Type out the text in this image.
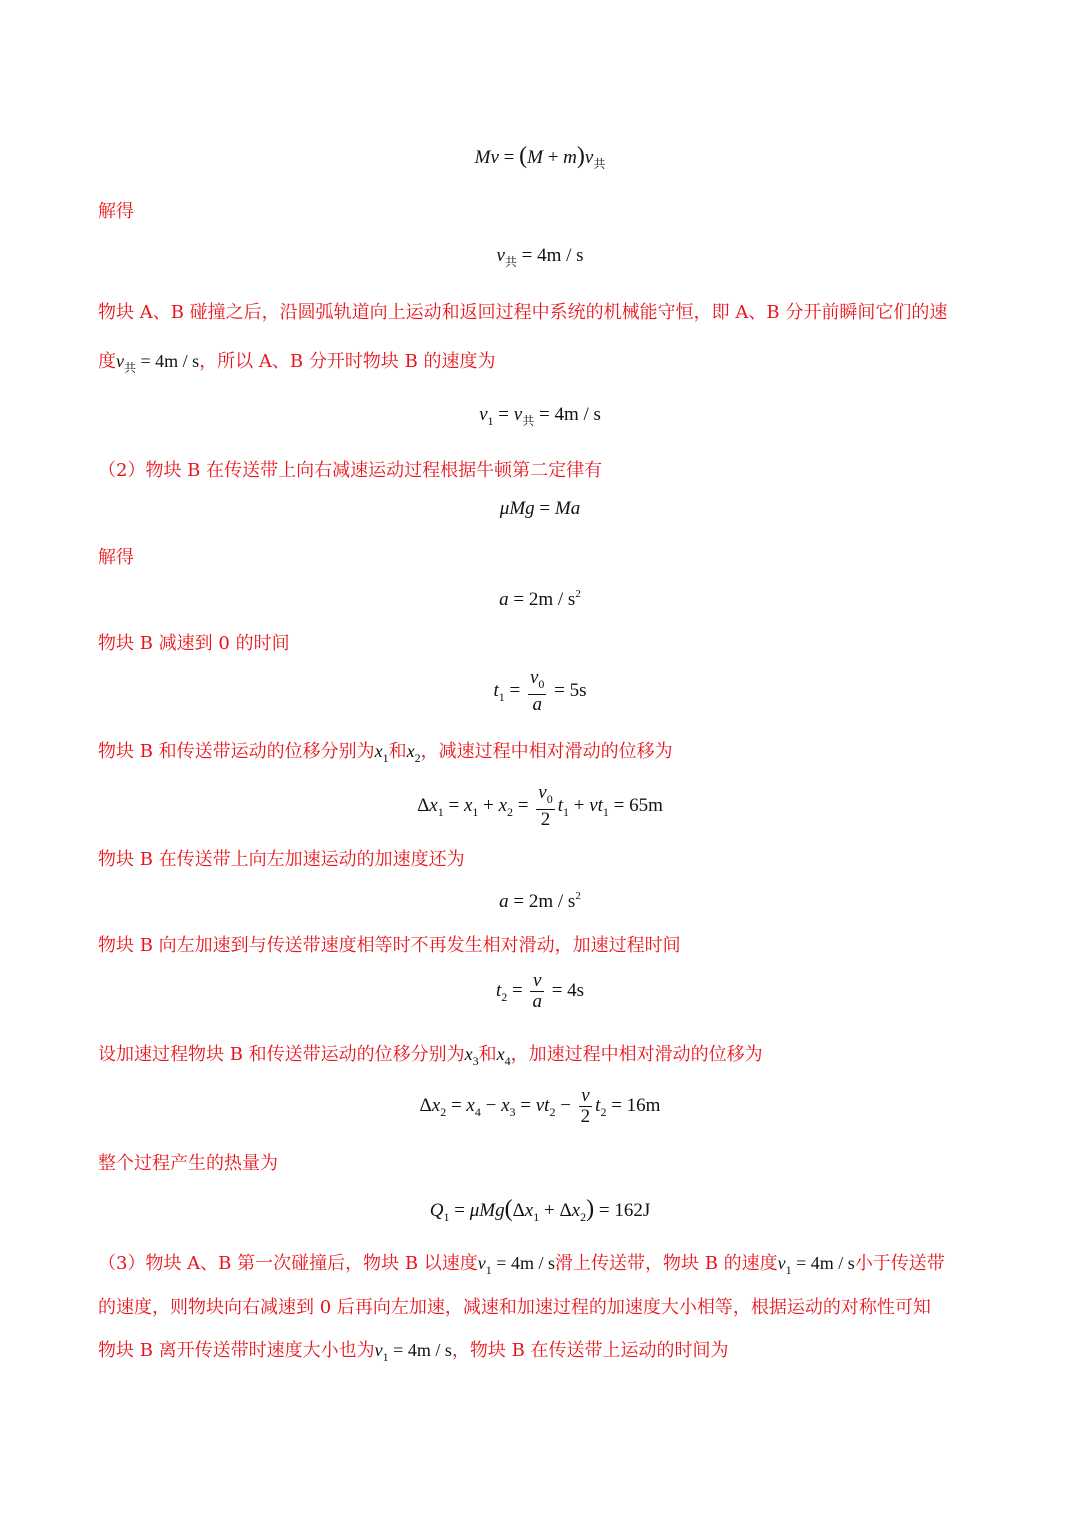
$Mv = (M + m)v_共$
解得
$v_共 = 4m / s$
物块 A、B 碰撞之后，沿圆弧轨道向上运动和返回过程中系统的机械能守恒，即 A、B 分开前瞬间它们的速
度$v_共 = 4m / s$，所以 A、B 分开时物块 B 的速度为
$v_1 = v_共 = 4m / s$
（2）物块 B 在传送带上向右减速运动过程根据牛顿第二定律有
μMg = Ma
解得
$a = 2m / s^2$
物块 B 减速到 0 的时间
$t_1 = \frac{v_0}{a} = 5s$
物块 B 和传送带运动的位移分别为$x_1$和$x_2$，减速过程中相对滑动的位移为
$\Delta x_1 = x_1 + x_2 = \frac{v_0}{2} t_1 + vt_1 = 65m$
物块 B 在传送带上向左加速运动的加速度还为
$a = 2m / s^2$
物块 B 向左加速到与传送带速度相等时不再发生相对滑动，加速过程时间
$t_2 = \frac{v}{a} = 4s$
设加速过程物块 B 和传送带运动的位移分别为$x_3$和$x_4$，加速过程中相对滑动的位移为
$\Delta x_2 = x_4 - x_3 = vt_2 - \frac{v}{2} t_2 = 16m$
整个过程产生的热量为
$Q_1 = \mu Mg(\Delta x_1 + \Delta x_2) = 162J$
（3）物块 A、B 第一次碰撞后，物块 B 以速度$v_1 = 4m / s$滑上传送带，物块 B 的速度$v_1 = 4m / s$小于传送带
的速度，则物块向右减速到 0 后再向左加速，减速和加速过程的加速度大小相等，根据运动的对称性可知
物块 B 离开传送带时速度大小也为$v_1 = 4m / s$，物块 B 在传送带上运动的时间为
